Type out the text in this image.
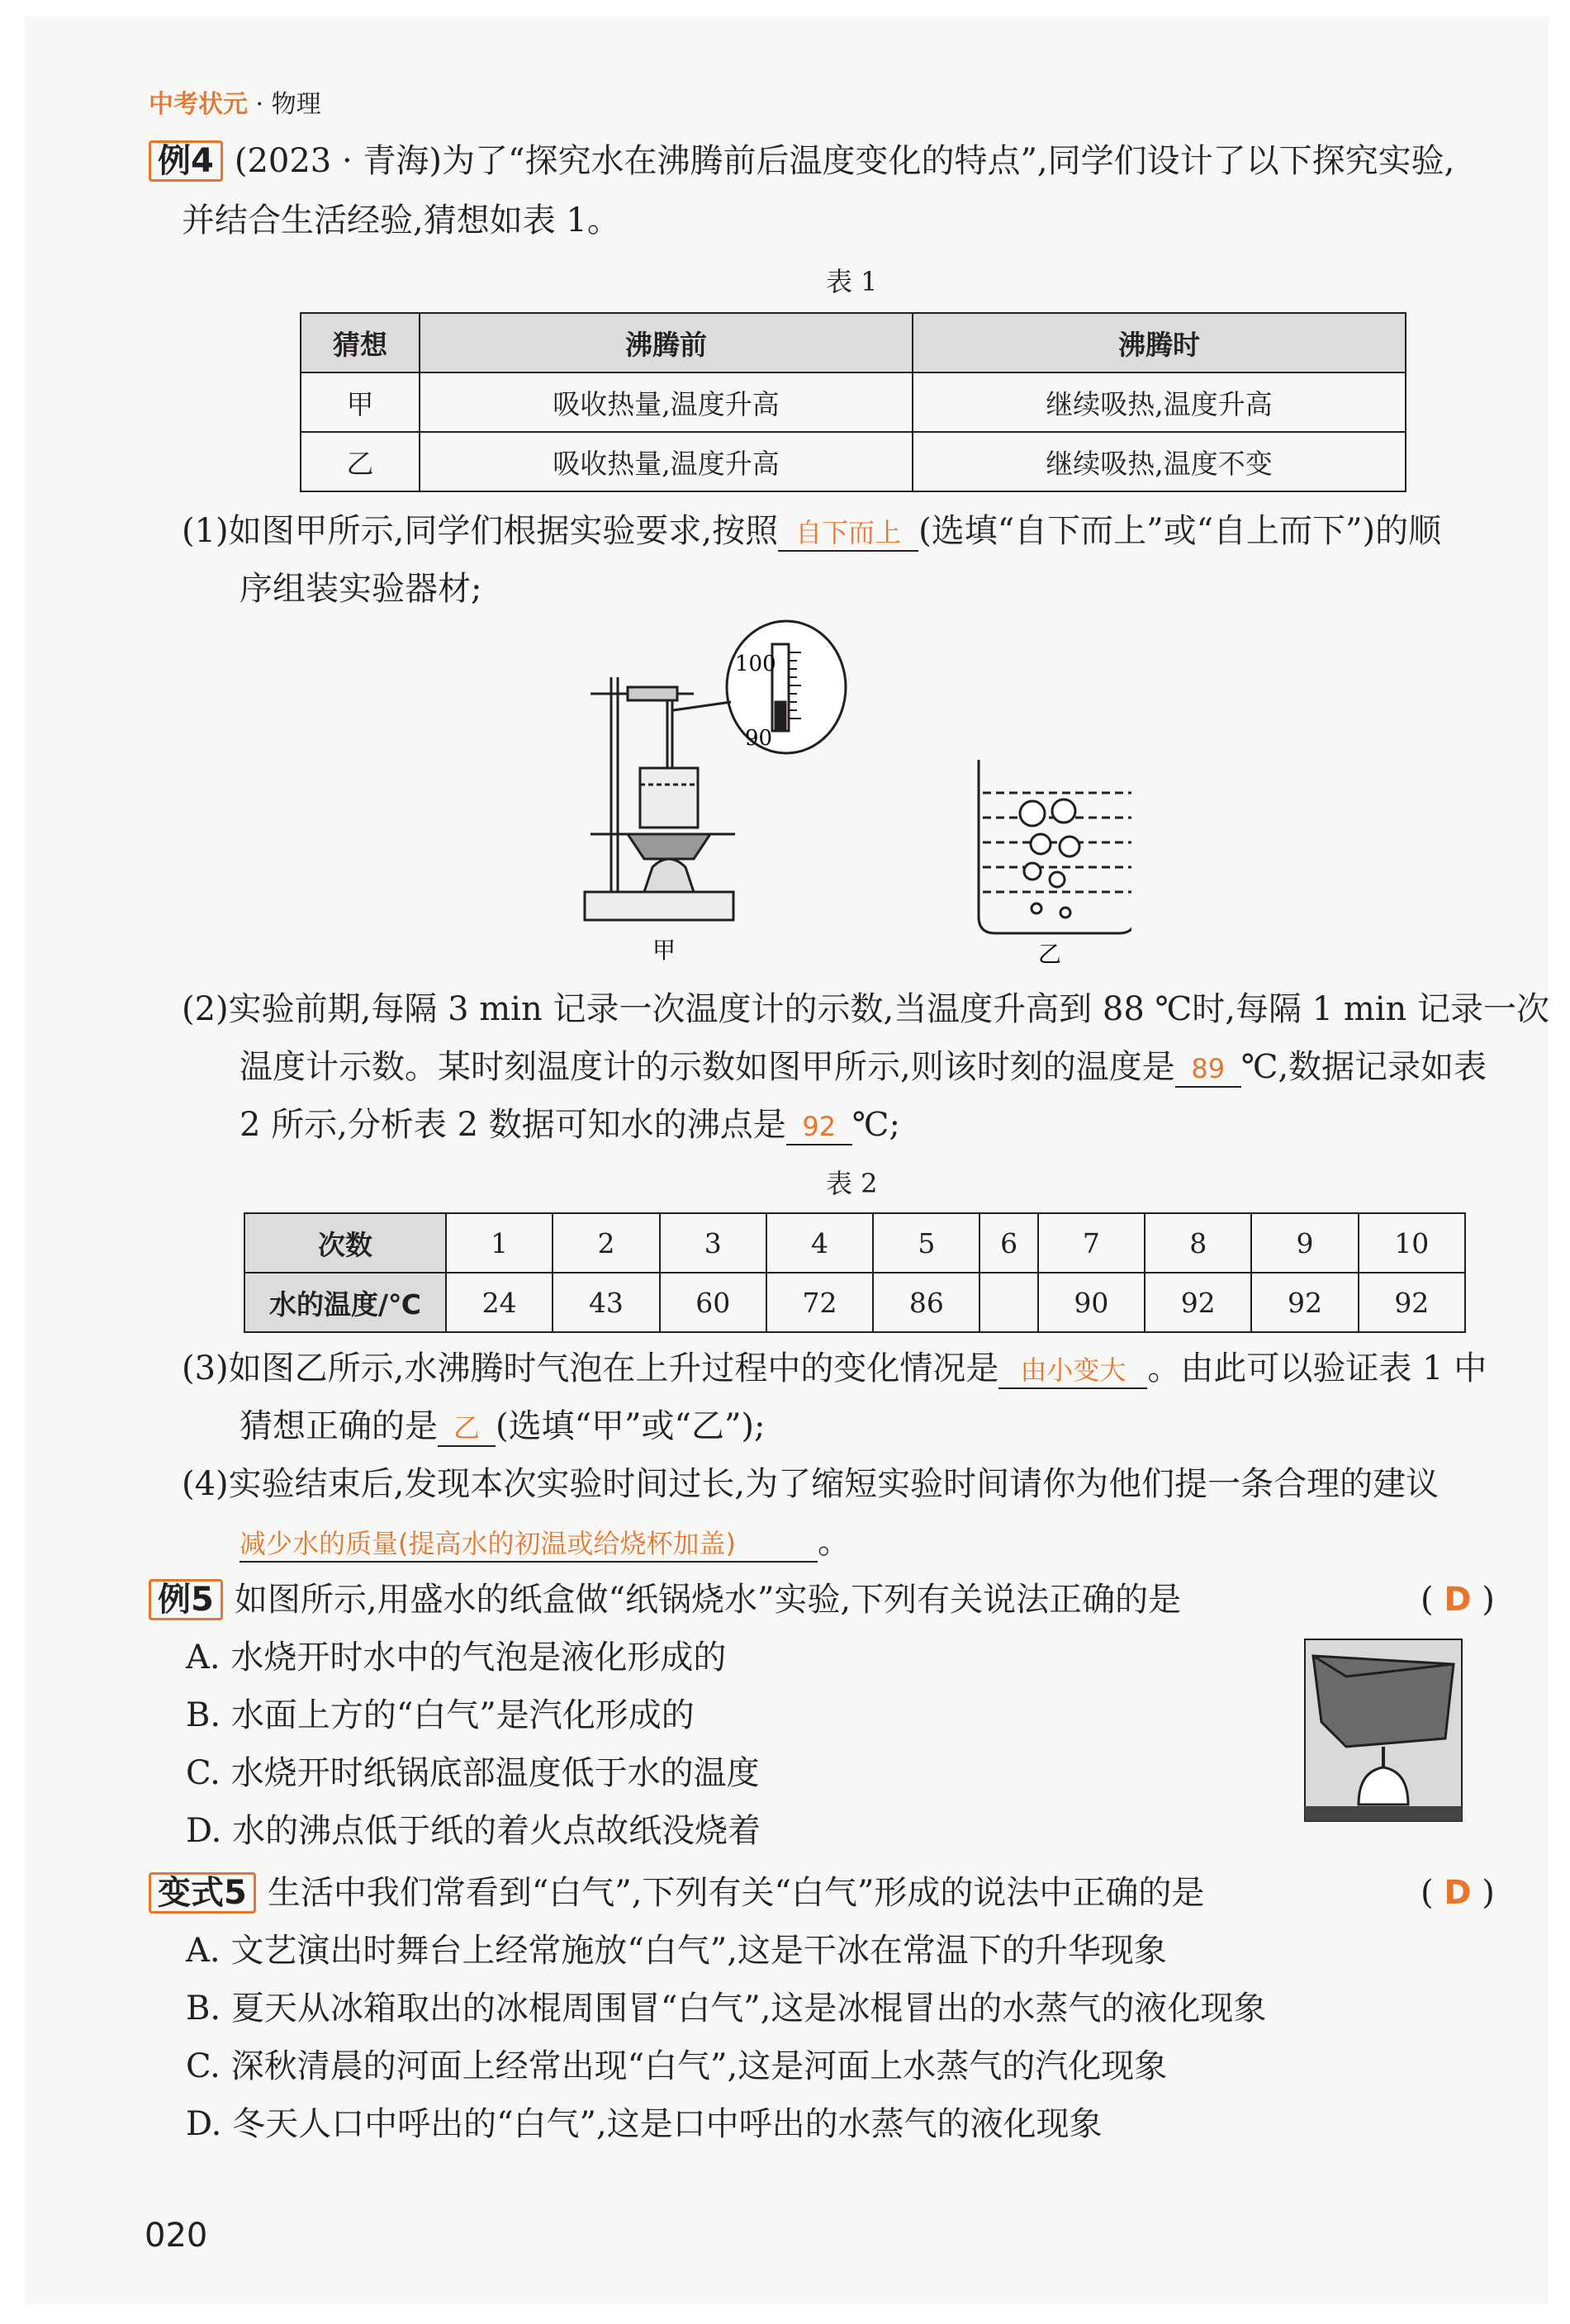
中考状元 · 物理
例4 (2023 · 青海)为了“探究水在沸腾前后温度变化的特点”,同学们设计了以下探究实验,
并结合生活经验,猜想如表 1。
表 1
猜想	沸腾前	沸腾时
甲	吸收热量,温度升高	继续吸热,温度升高
乙	吸收热量,温度升高	继续吸热,温度不变
(1)如图甲所示,同学们根据实验要求,按照 自下而上 (选填“自下而上”或“自上而下”)的顺
序组装实验器材;
100
90
甲	乙
(2)实验前期,每隔 3 min 记录一次温度计的示数,当温度升高到 88 ℃时,每隔 1 min 记录一次
温度计示数。某时刻温度计的示数如图甲所示,则该时刻的温度是 89 ℃,数据记录如表
2 所示,分析表 2 数据可知水的沸点是 92 ℃;
表 2
次数	1	2	3	4	5	6	7	8	9	10
水的温度/℃	24	43	60	72	86		90	92	92	92
(3)如图乙所示,水沸腾时气泡在上升过程中的变化情况是 由小变大 。由此可以验证表 1 中
猜想正确的是 乙 (选填“甲”或“乙”);
(4)实验结束后,发现本次实验时间过长,为了缩短实验时间请你为他们提一条合理的建议
减少水的质量(提高水的初温或给烧杯加盖) 。
例5 如图所示,用盛水的纸盒做“纸锅烧水”实验,下列有关说法正确的是	( D )
A. 水烧开时水中的气泡是液化形成的
B. 水面上方的“白气”是汽化形成的
C. 水烧开时纸锅底部温度低于水的温度
D. 水的沸点低于纸的着火点故纸没烧着
变式5 生活中我们常看到“白气”,下列有关“白气”形成的说法中正确的是	( D )
A. 文艺演出时舞台上经常施放“白气”,这是干冰在常温下的升华现象
B. 夏天从冰箱取出的冰棍周围冒“白气”,这是冰棍冒出的水蒸气的液化现象
C. 深秋清晨的河面上经常出现“白气”,这是河面上水蒸气的汽化现象
D. 冬天人口中呼出的“白气”,这是口中呼出的水蒸气的液化现象
020
